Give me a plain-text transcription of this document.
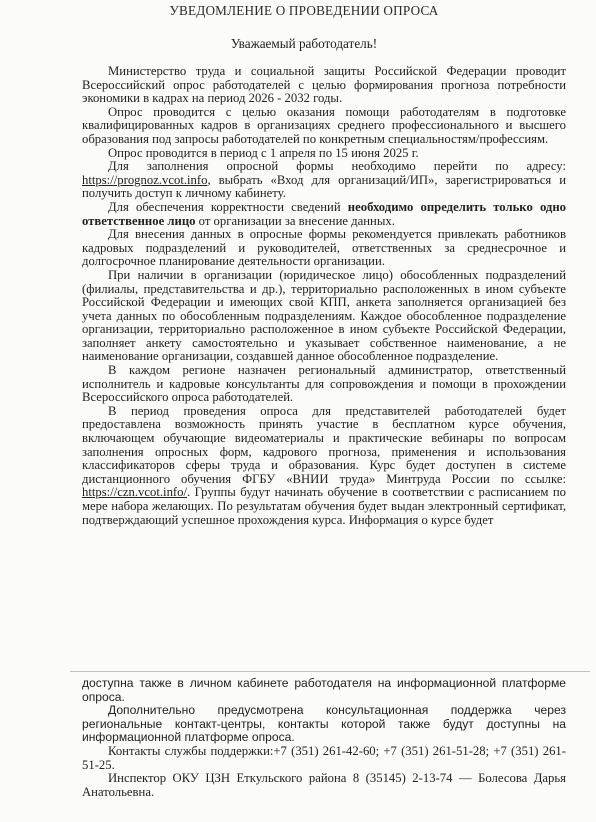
УВЕДОМЛЕНИЕ О ПРОВЕДЕНИИ ОПРОСА
Уважаемый работодатель!

Министерство труда и социальной защиты Российской Федерации проводит Всероссийский опрос работодателей с целью формирования прогноза потребности экономики в кадрах на период 2026 - 2032 годы.

Опрос проводится с целью оказания помощи работодателям в подготовке квалифицированных кадров в организациях среднего профессионального и высшего образования под запросы работодателей по конкретным специальностям/профессиям.

Опрос проводится в период с 1 апреля по 15 июня 2025 г.

Для заполнения опросной формы необходимо перейти по адресу: https://prognoz.vcot.info, выбрать «Вход для организаций/ИП», зарегистрироваться и получить доступ к личному кабинету.

Для обеспечения корректности сведений необходимо определить только одно ответственное лицо от организации за внесение данных.

Для внесения данных в опросные формы рекомендуется привлекать работников кадровых подразделений и руководителей, ответственных за среднесрочное и долгосрочное планирование деятельности организации.

При наличии в организации (юридическое лицо) обособленных подразделений (филиалы, представительства и др.), территориально расположенных в ином субъекте Российской Федерации и имеющих свой КПП, анкета заполняется организацией без учета данных по обособленным подразделениям. Каждое обособленное подразделение организации, территориально расположенное в ином субъекте Российской Федерации, заполняет анкету самостоятельно и указывает собственное наименование, а не наименование организации, создавшей данное обособленное подразделение.

В каждом регионе назначен региональный администратор, ответственный исполнитель и кадровые консультанты для сопровождения и помощи в прохождении Всероссийского опроса работодателей.

В период проведения опроса для представителей работодателей будет предоставлена возможность принять участие в бесплатном курсе обучения, включающем обучающие видеоматериалы и практические вебинары по вопросам заполнения опросных форм, кадрового прогноза, применения и использования классификаторов сферы труда и образования. Курс будет доступен в системе дистанционного обучения ФГБУ «ВНИИ труда» Минтруда России по ссылке: https://czn.vcot.info/. Группы будут начинать обучение в соответствии с расписанием по мере набора желающих. По результатам обучения будет выдан электронный сертификат, подтверждающий успешное прохождения курса. Информация о курсе будет

доступна также в личном кабинете работодателя на информационной платформе опроса.

Дополнительно предусмотрена консультационная поддержка через региональные контакт-центры, контакты которой также будут доступны на информационной платформе опроса.

Контакты службы поддержки:+7 (351) 261-42-60; +7 (351) 261-51-28; +7 (351) 261-51-25.

Инспектор ОКУ ЦЗН Еткульского района 8 (35145) 2-13-74 — Болесова Дарья Анатольевна.
